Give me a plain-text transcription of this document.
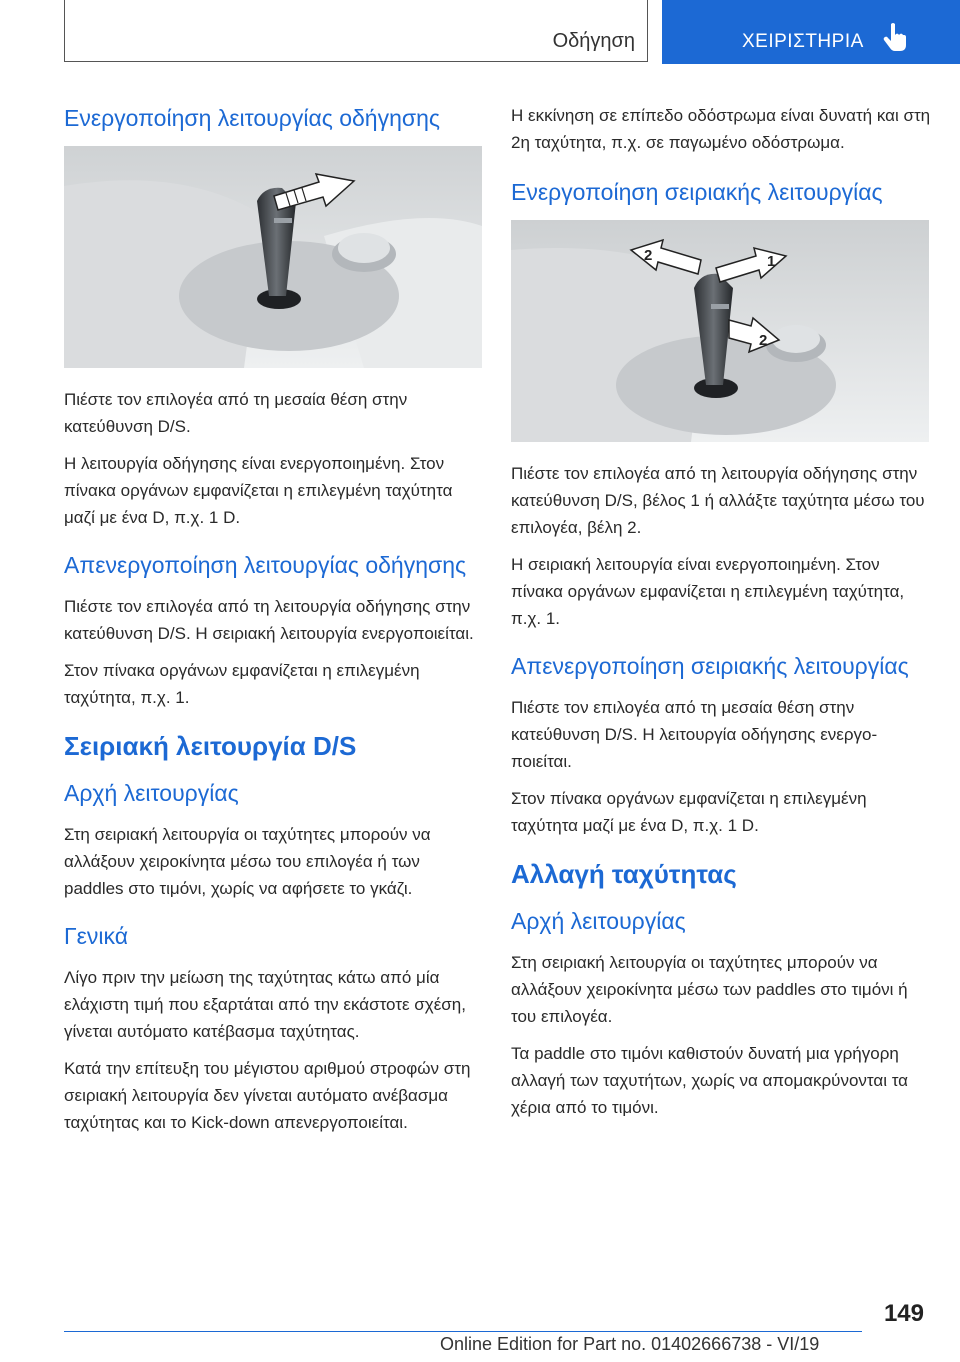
Οδήγηση	ΧΕΙΡΙΣΤΗΡΙΑ
Ενεργοποίηση λειτουργίας οδήγησης

Πιέστε τον επιλογέα από τη μεσαία θέση στην κατεύθυνση D/S.

Η λειτουργία οδήγησης είναι ενεργοποιημένη. Στον πίνακα οργάνων εμφανίζεται η επιλεγμένη ταχύτητα μαζί με ένα D, π.χ. 1 D.

Απενεργοποίηση λειτουργίας οδήγησης

Πιέστε τον επιλογέα από τη λειτουργία οδήγησης στην κατεύθυνση D/S. Η σειριακή λειτουργία ενεργοποιείται.

Στον πίνακα οργάνων εμφανίζεται η επιλεγμένη ταχύτητα, π.χ. 1.

Σειριακή λειτουργία D/S
Αρχή λειτουργίας

Στη σειριακή λειτουργία οι ταχύτητες μπορούν να αλλάξουν χειροκίνητα μέσω του επιλογέα ή των paddles στο τιμόνι, χωρίς να αφήσετε το γκάζι.

Γενικά

Λίγο πριν την μείωση της ταχύτητας κάτω από μία ελάχιστη τιμή που εξαρτάται από την εκάστοτε σχέση, γίνεται αυτόματο κατέβασμα ταχύτητας.

Κατά την επίτευξη του μέγιστου αριθμού στροφών στη σειριακή λειτουργία δεν γίνεται αυτόματο ανέβασμα ταχύτητας και το Kick-down απενεργοποιείται.

Η εκκίνηση σε επίπεδο οδόστρωμα είναι δυνατή και στη 2η ταχύτητα, π.χ. σε παγωμένο οδόστρωμα.

Ενεργοποίηση σειριακής λειτουργίας
2	1
2

Πιέστε τον επιλογέα από τη λειτουργία οδήγησης στην κατεύθυνση D/S, βέλος 1 ή αλλάξτε ταχύτητα μέσω του επιλογέα, βέλη 2.

Η σειριακή λειτουργία είναι ενεργοποιημένη. Στον πίνακα οργάνων εμφανίζεται η επιλεγμένη ταχύτητα, π.χ. 1.

Απενεργοποίηση σειριακής λειτουργίας

Πιέστε τον επιλογέα από τη μεσαία θέση στην κατεύθυνση D/S. Η λειτουργία οδήγησης ενεργοποιείται.

Στον πίνακα οργάνων εμφανίζεται η επιλεγμένη ταχύτητα μαζί με ένα D, π.χ. 1 D.

Αλλαγή ταχύτητας
Αρχή λειτουργίας

Στη σειριακή λειτουργία οι ταχύτητες μπορούν να αλλάξουν χειροκίνητα μέσω των paddles στο τιμόνι ή του επιλογέα.

Τα paddle στο τιμόνι καθιστούν δυνατή μια γρήγορη αλλαγή των ταχυτήτων, χωρίς να απομακρύνονται τα χέρια από το τιμόνι.

149
Online Edition for Part no. 01402666738 - VI/19
